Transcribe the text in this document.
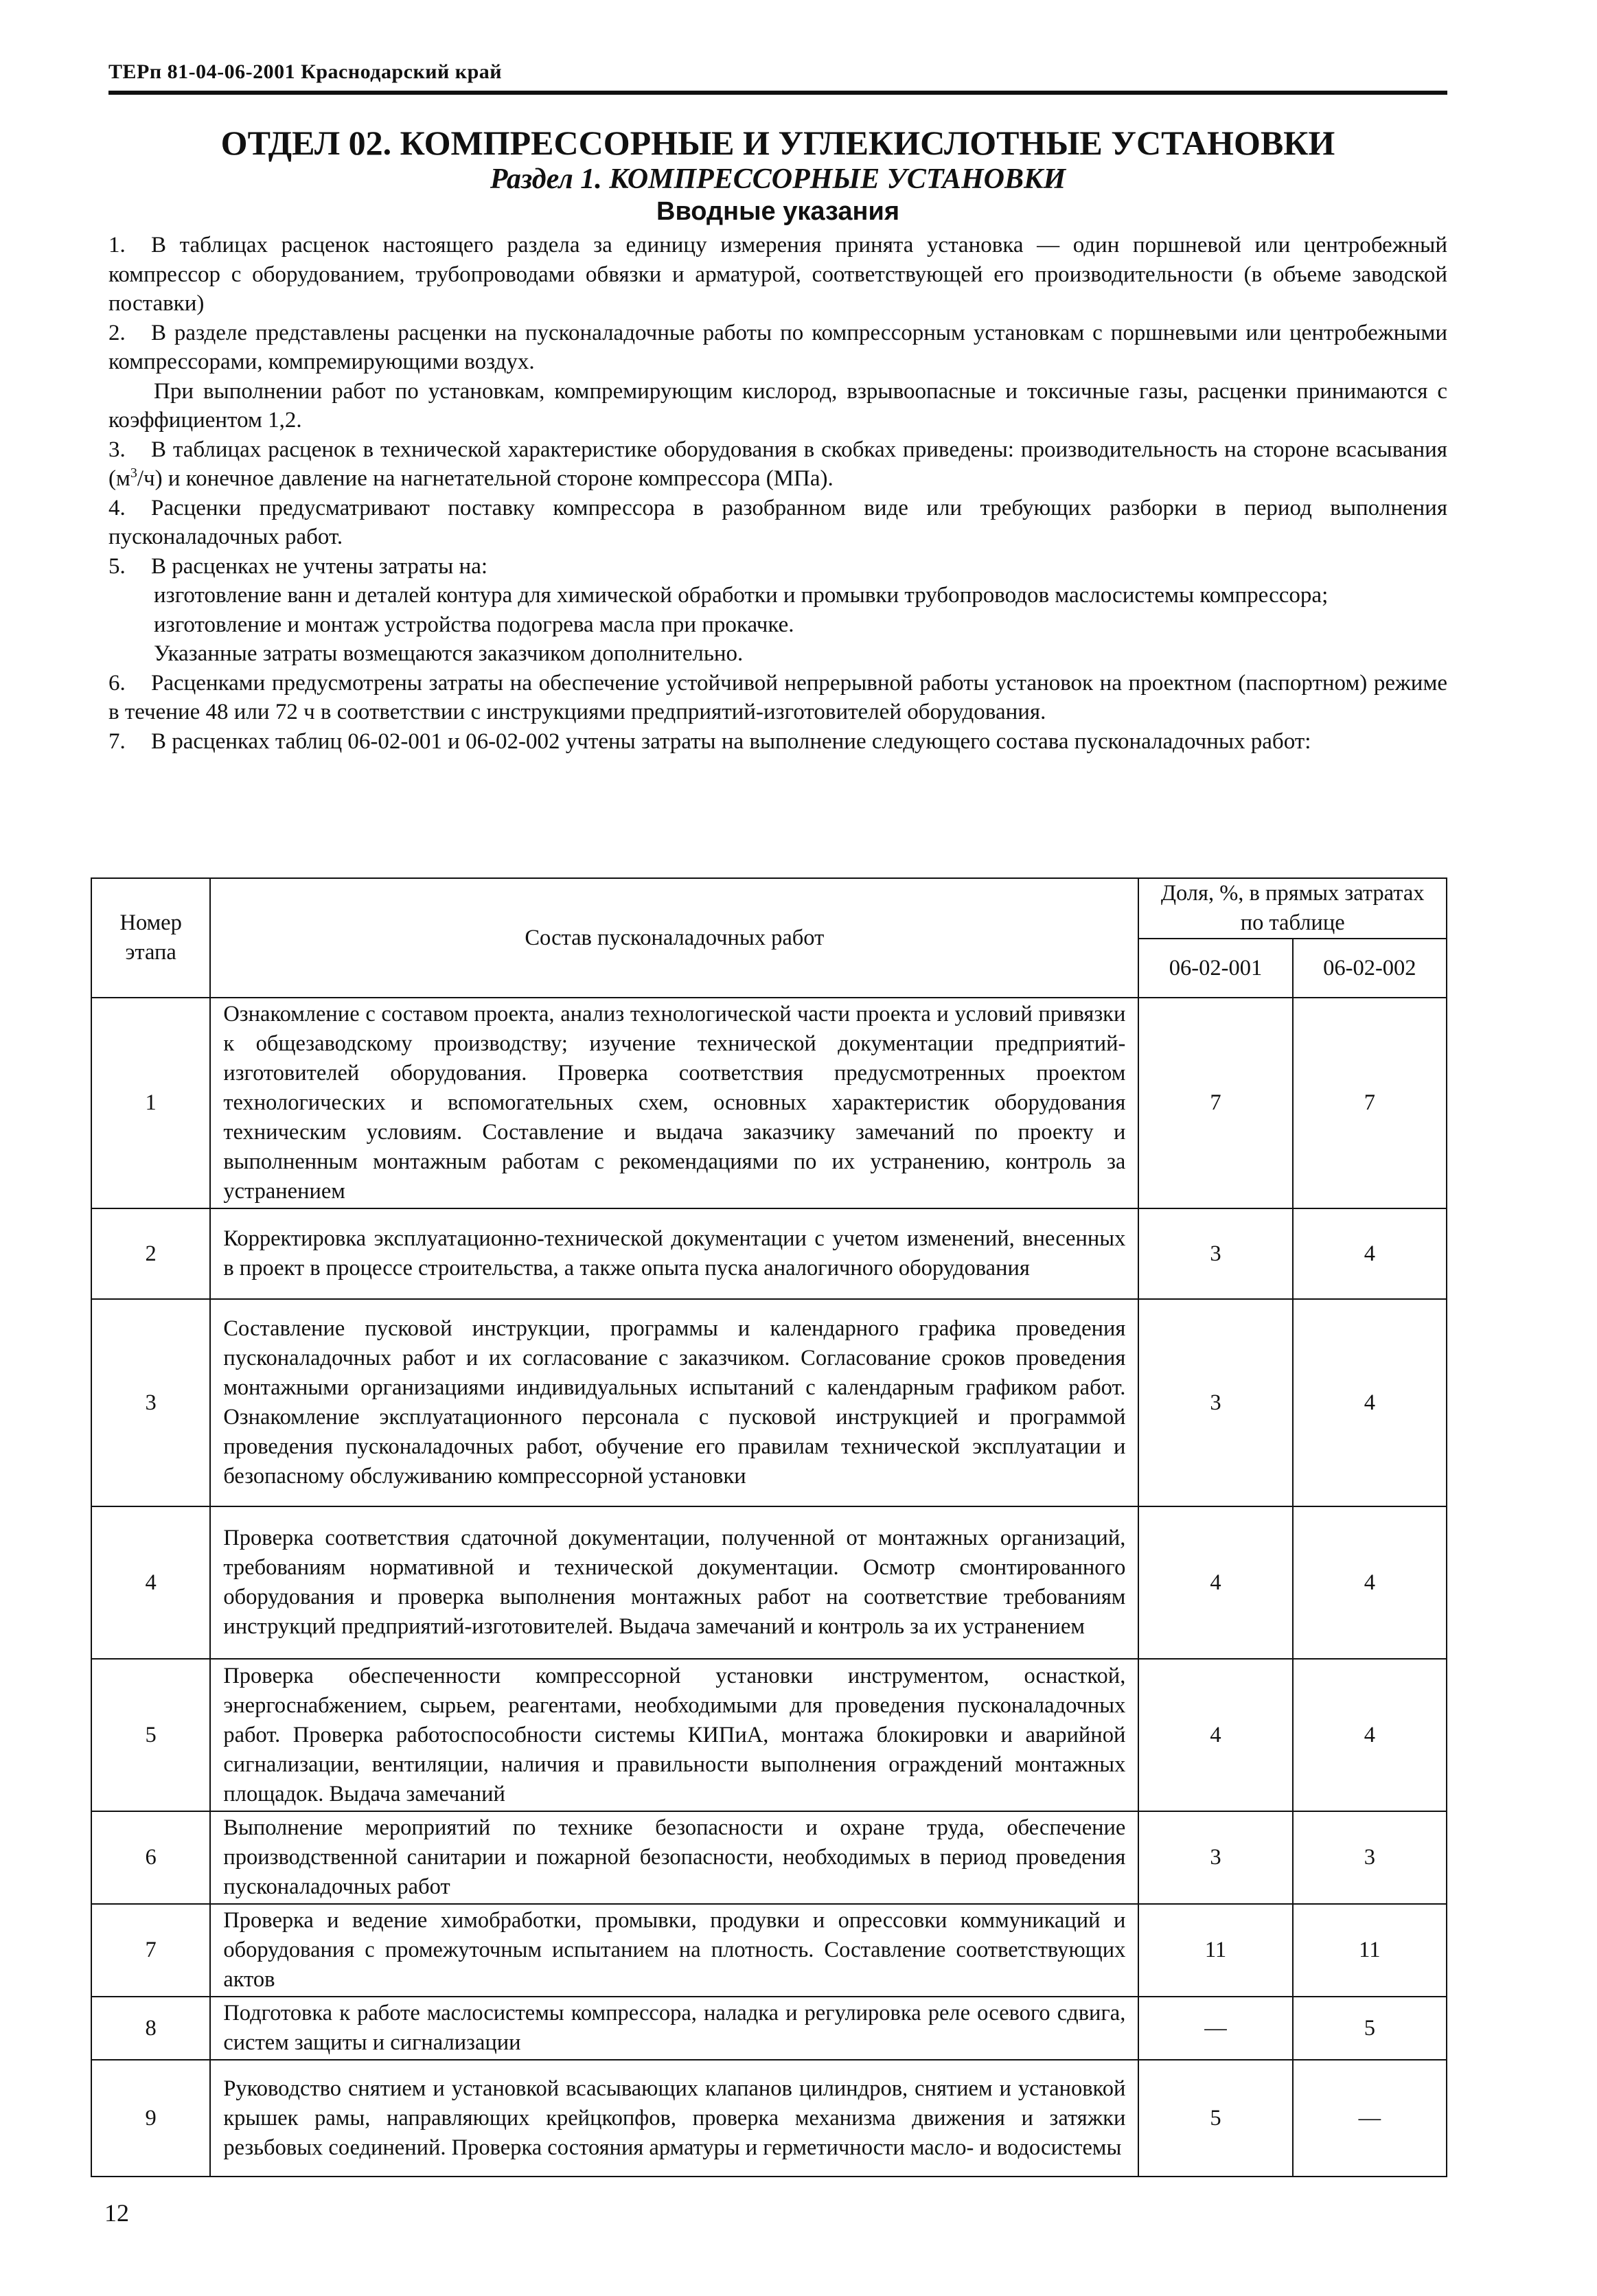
ТЕРп 81-04-06-2001 Краснодарский край
ОТДЕЛ 02. КОМПРЕССОРНЫЕ И УГЛЕКИСЛОТНЫЕ УСТАНОВКИ
Раздел 1. КОМПРЕССОРНЫЕ УСТАНОВКИ
Вводные указания

1. В таблицах расценок настоящего раздела за единицу измерения принята установка — один поршневой или центробежный компрессор с оборудованием, трубопроводами обвязки и арматурой, соответствующей его производительности (в объеме заводской поставки)

2. В разделе представлены расценки на пусконаладочные работы по компрессорным установкам с поршневыми или центробежными компрессорами, компремирующими воздух.

При выполнении работ по установкам, компремирующим кислород, взрывоопасные и токсичные газы, расценки принимаются с коэффициентом 1,2.

3. В таблицах расценок в технической характеристике оборудования в скобках приведены: производительность на стороне всасывания $(м^3/ч)$ и конечное давление на нагнетательной стороне компрессора (МПа).

4. Расценки предусматривают поставку компрессора в разобранном виде или требующих разборки в период выполнения пусконаладочных работ.

5. В расценках не учтены затраты на:

изготовление ванн и деталей контура для химической обработки и промывки трубопроводов маслосистемы компрессора;

изготовление и монтаж устройства подогрева масла при прокачке.

Указанные затраты возмещаются заказчиком дополнительно.

6. Расценками предусмотрены затраты на обеспечение устойчивой непрерывной работы установок на проектном (паспортном) режиме в течение 48 или 72 ч в соответствии с инструкциями предприятий-изготовителей оборудования.

7. В расценках таблиц 06-02-001 и 06-02-002 учтены затраты на выполнение следующего состава пусконаладочных работ:

Номер этапа	Состав пусконаладочных работ	Доля, %, в прямых затратах по таблице	
		06-02-001	06-02-002
1	Ознакомление с составом проекта, анализ технологической части проекта и условий привязки к общезаводскому производству; изучение технической документации предприятий-изготовителей оборудования. Проверка соответствия предусмотренных проектом технологических и вспомогательных схем, основных характеристик оборудования техническим условиям. Составление и выдача заказчику замечаний по проекту и выполненным монтажным работам с рекомендациями по их устранению, контроль за устранением	7	7
2	Корректировка эксплуатационно-технической документации с учетом изменений, внесенных в проект в процессе строительства, а также опыта пуска аналогичного оборудования	3	4
3	Составление пусковой инструкции, программы и календарного графика проведения пусконаладочных работ и их согласование с заказчиком. Согласование сроков проведения монтажными организациями индивидуальных испытаний с календарным графиком работ. Ознакомление эксплуатационного персонала с пусковой инструкцией и программой проведения пусконаладочных работ, обучение его правилам технической эксплуатации и безопасному обслуживанию компрессорной установки	3	4
4	Проверка соответствия сдаточной документации, полученной от монтажных организаций, требованиям нормативной и технической документации. Осмотр смонтированного оборудования и проверка выполнения монтажных работ на соответствие требованиям инструкций предприятий-изготовителей. Выдача замечаний и контроль за их устранением	4	4
5	Проверка обеспеченности компрессорной установки инструментом, оснасткой, энергоснабжением, сырьем, реагентами, необходимыми для проведения пусконаладочных работ. Проверка работоспособности системы КИПиА, монтажа блокировки и аварийной сигнализации, вентиляции, наличия и правильности выполнения ограждений монтажных площадок. Выдача замечаний	4	4
6	Выполнение мероприятий по технике безопасности и охране труда, обеспечение производственной санитарии и пожарной безопасности, необходимых в период проведения пусконаладочных работ	3	3
7	Проверка и ведение химобработки, промывки, продувки и опрессовки коммуникаций и оборудования с промежуточным испытанием на плотность. Составление соответствующих актов	11	11
8	Подготовка к работе маслосистемы компрессора, наладка и регулировка реле осевого сдвига, систем защиты и сигнализации	—	5
9	Руководство снятием и установкой всасывающих клапанов цилиндров, снятием и установкой крышек рамы, направляющих крейцкопфов, проверка механизма движения и затяжки резьбовых соединений. Проверка состояния арматуры и герметичности масло- и водосистемы	5	—
12
